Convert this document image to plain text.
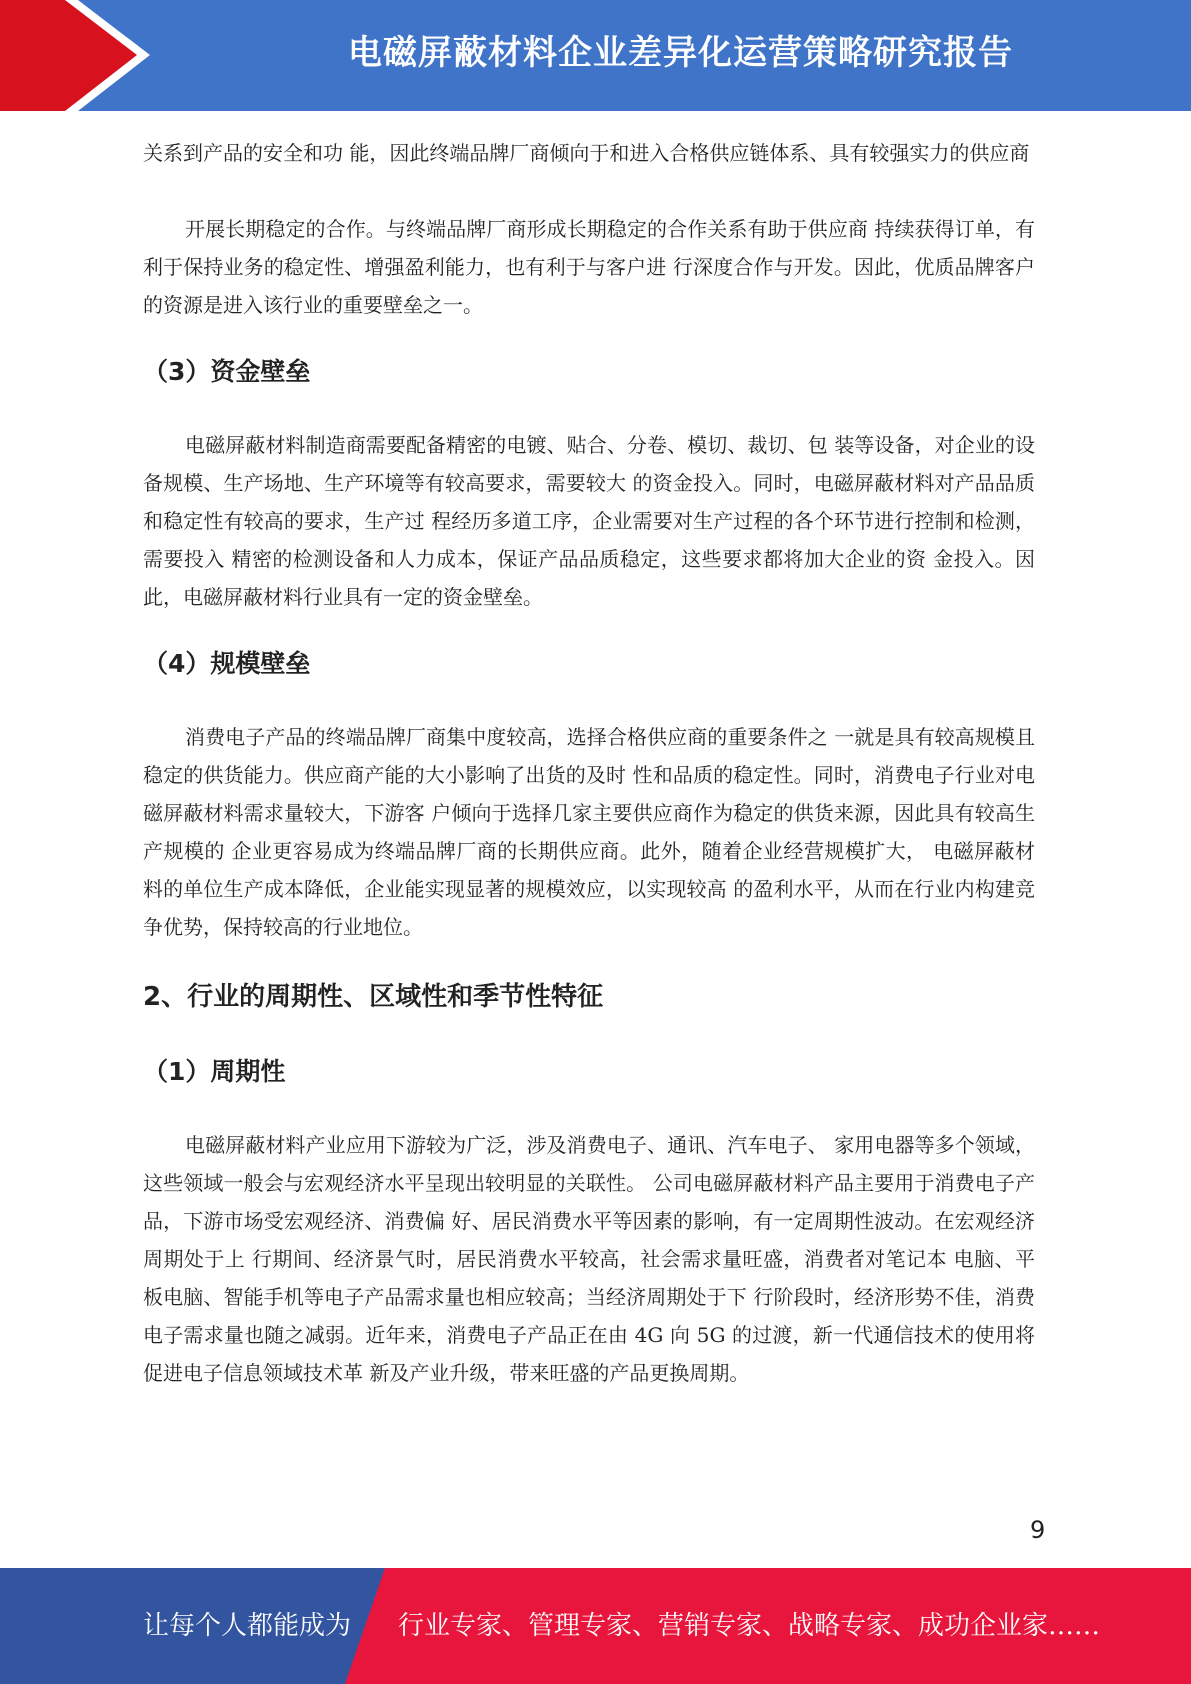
电磁屏蔽材料企业差异化运营策略研究报告

关系到产品的安全和功 能，因此终端品牌厂商倾向于和进入合格供应链体系、具有较强实力的供应商

开展长期稳定的合作。与终端品牌厂商形成长期稳定的合作关系有助于供应商 持续获得订单，有利于保持业务的稳定性、增强盈利能力，也有利于与客户进 行深度合作与开发。因此，优质品牌客户的资源是进入该行业的重要壁垒之一。

（3）资金壁垒

电磁屏蔽材料制造商需要配备精密的电镀、贴合、分卷、模切、裁切、包 装等设备，对企业的设备规模、生产场地、生产环境等有较高要求，需要较大 的资金投入。同时，电磁屏蔽材料对产品品质和稳定性有较高的要求，生产过 程经历多道工序，企业需要对生产过程的各个环节进行控制和检测，需要投入 精密的检测设备和人力成本，保证产品品质稳定，这些要求都将加大企业的资 金投入。因此，电磁屏蔽材料行业具有一定的资金壁垒。

（4）规模壁垒

消费电子产品的终端品牌厂商集中度较高，选择合格供应商的重要条件之 一就是具有较高规模且稳定的供货能力。供应商产能的大小影响了出货的及时 性和品质的稳定性。同时，消费电子行业对电磁屏蔽材料需求量较大，下游客 户倾向于选择几家主要供应商作为稳定的供货来源，因此具有较高生产规模的 企业更容易成为终端品牌厂商的长期供应商。此外，随着企业经营规模扩大， 电磁屏蔽材料的单位生产成本降低，企业能实现显著的规模效应，以实现较高 的盈利水平，从而在行业内构建竞争优势，保持较高的行业地位。

2、行业的周期性、区域性和季节性特征
（1）周期性

电磁屏蔽材料产业应用下游较为广泛，涉及消费电子、通讯、汽车电子、 家用电器等多个领域，这些领域一般会与宏观经济水平呈现出较明显的关联性。 公司电磁屏蔽材料产品主要用于消费电子产品，下游市场受宏观经济、消费偏 好、居民消费水平等因素的影响，有一定周期性波动。在宏观经济周期处于上 行期间、经济景气时，居民消费水平较高，社会需求量旺盛，消费者对笔记本 电脑、平板电脑、智能手机等电子产品需求量也相应较高；当经济周期处于下 行阶段时，经济形势不佳，消费电子需求量也随之减弱。近年来，消费电子产品正在由 4G 向 5G 的过渡，新一代通信技术的使用将促进电子信息领域技术革 新及产业升级，带来旺盛的产品更换周期。

9
让每个人都能成为 行业专家、管理专家、营销专家、战略专家、成功企业家……
